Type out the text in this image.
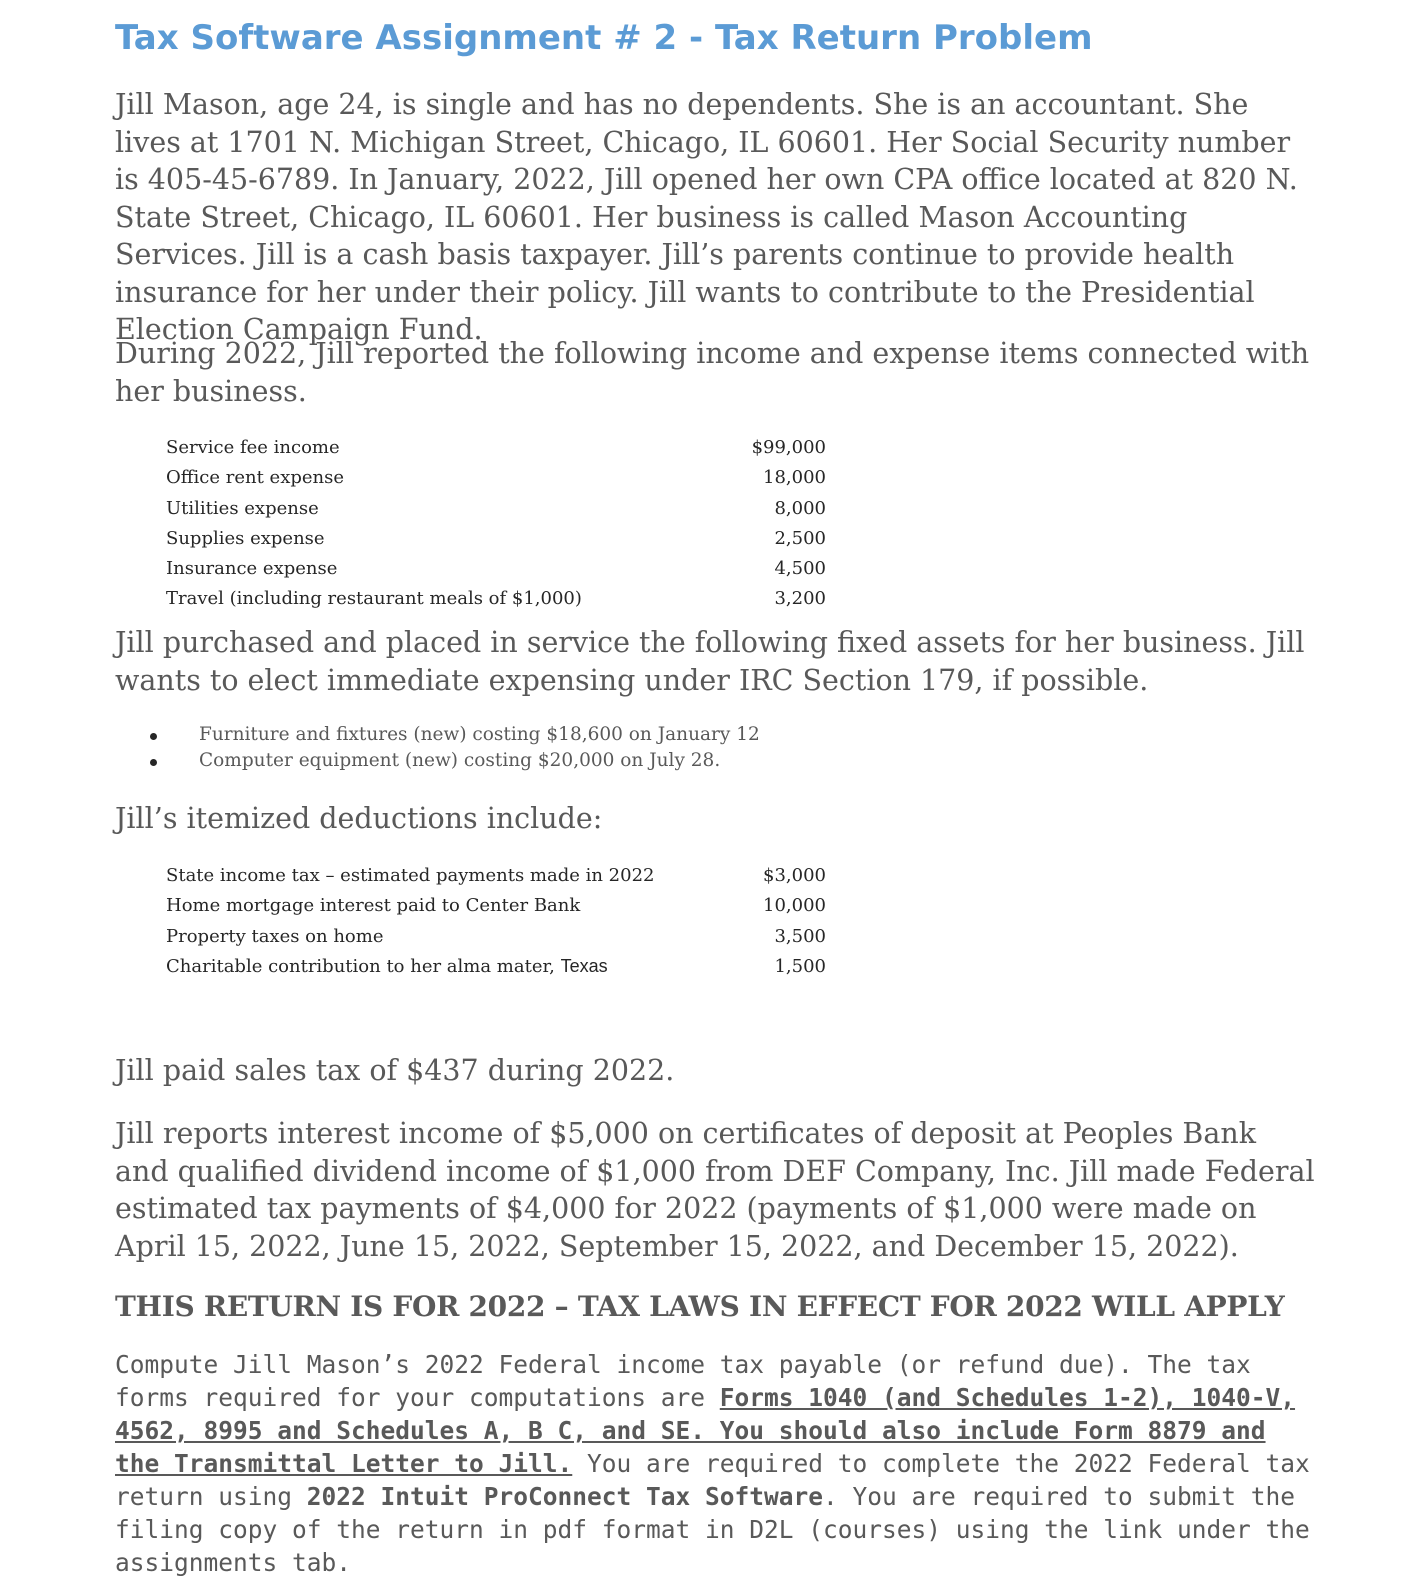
Tax Software Assignment # 2 - Tax Return Problem

Jill Mason, age 24, is single and has no dependents. She is an accountant. She lives at 1701 N. Michigan Street, Chicago, IL 60601. Her Social Security number is 405-45-6789. In January, 2022, Jill opened her own CPA office located at 820 N. State Street, Chicago, IL 60601. Her business is called Mason Accounting Services. Jill is a cash basis taxpayer. Jill’s parents continue to provide health insurance for her under their policy. Jill wants to contribute to the Presidential Election Campaign Fund.

During 2022, Jill reported the following income and expense items connected with her business.

Service fee income	$99,000
Office rent expense	18,000
Utilities expense	8,000
Supplies expense	2,500
Insurance expense	4,500
Travel (including restaurant meals of $1,000)	3,200

Jill purchased and placed in service the following fixed assets for her business. Jill wants to elect immediate expensing under IRC Section 179, if possible.

Furniture and fixtures (new) costing $18,600 on January 12
Computer equipment (new) costing $20,000 on July 28.

Jill’s itemized deductions include:

State income tax – estimated payments made in 2022	$3,000
Home mortgage interest paid to Center Bank	10,000
Property taxes on home	3,500
Charitable contribution to her alma mater, Texas	1,500

Jill paid sales tax of $437 during 2022.

Jill reports interest income of $5,000 on certificates of deposit at Peoples Bank and qualified dividend income of $1,000 from DEF Company, Inc. Jill made Federal estimated tax payments of $4,000 for 2022 (payments of $1,000 were made on April 15, 2022, June 15, 2022, September 15, 2022, and December 15, 2022).

THIS RETURN IS FOR 2022 – TAX LAWS IN EFFECT FOR 2022 WILL APPLY

Compute Jill Mason’s 2022 Federal income tax payable (or refund due). The tax forms required for your computations are Forms 1040 (and Schedules 1-2), 1040-V, 4562, 8995 and Schedules A, B C, and SE. You should also include Form 8879 and the Transmittal Letter to Jill. You are required to complete the 2022 Federal tax return using 2022 Intuit ProConnect Tax Software. You are required to submit the filing copy of the return in pdf format in D2L (courses) using the link under the assignments tab.
